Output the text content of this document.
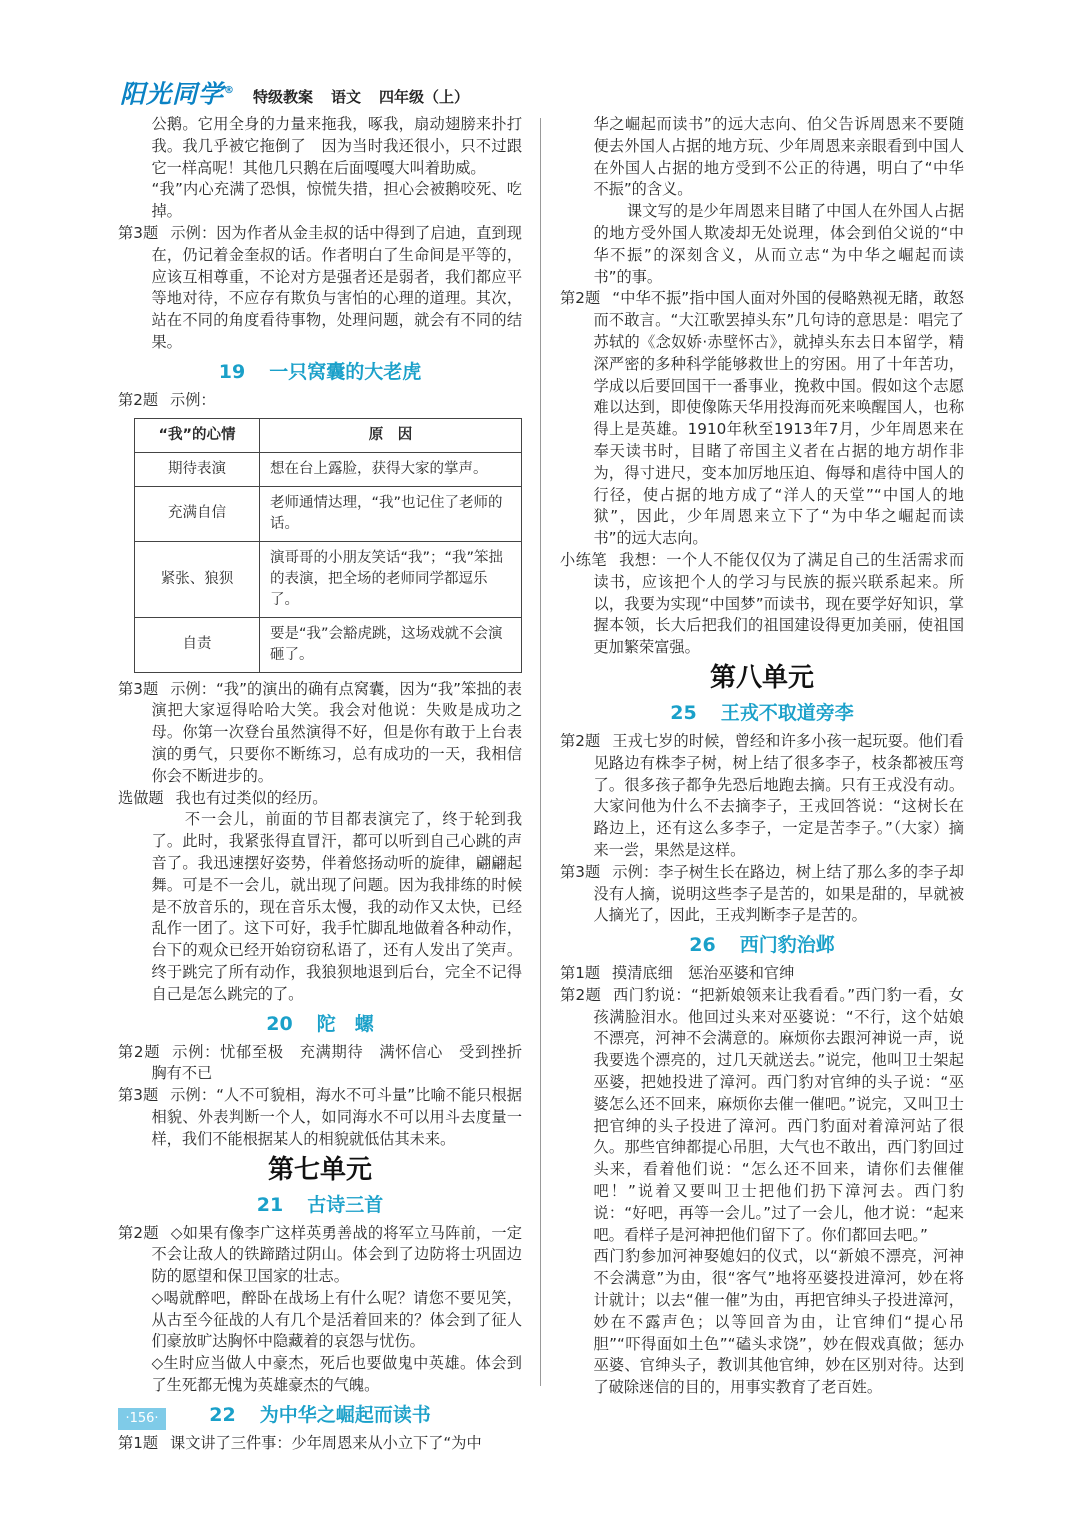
阳光同学® 特级教案 语文 四年级（上）

公鹅。它用全身的力量来拖我，啄我，扇动翅膀来扑打我。我几乎被它拖倒了　因为当时我还很小，只不过跟它一样高呢！其他几只鹅在后面嘎嘎大叫着助威。

“我”内心充满了恐惧，惊慌失措，担心会被鹅咬死、吃掉。

第3题 示例：因为作者从金圭叔的话中得到了启迪，直到现在，仍记着金奎叔的话。作者明白了生命间是平等的，应该互相尊重，不论对方是强者还是弱者，我们都应平等地对待，不应存有欺负与害怕的心理的道理。其次，站在不同的角度看待事物，处理问题，就会有不同的结果。

19 一只窝囊的大老虎

第2题 示例：

“我”的心情	原　因
期待表演	想在台上露脸，获得大家的掌声。
充满自信	老师通情达理，“我”也记住了老师的话。
紧张、狼狈	演哥哥的小朋友笑话“我”；“我”笨拙的表演，把全场的老师同学都逗乐了。
自责	要是“我”会豁虎跳，这场戏就不会演砸了。

第3题 示例：“我”的演出的确有点窝囊，因为“我”笨拙的表演把大家逗得哈哈大笑。我会对他说：失败是成功之母。你第一次登台虽然演得不好，但是你有敢于上台表演的勇气，只要你不断练习，总有成功的一天，我相信你会不断进步的。

选做题 我也有过类似的经历。

不一会儿，前面的节目都表演完了，终于轮到我了。此时，我紧张得直冒汗，都可以听到自己心跳的声音了。我迅速摆好姿势，伴着悠扬动听的旋律，翩翩起舞。可是不一会儿，就出现了问题。因为我排练的时候是不放音乐的，现在音乐太慢，我的动作又太快，已经乱作一团了。这下可好，我手忙脚乱地做着各种动作，台下的观众已经开始窃窃私语了，还有人发出了笑声。终于跳完了所有动作，我狼狈地退到后台，完全不记得自己是怎么跳完的了。

20 陀　螺

第2题 示例：忧郁至极　充满期待　满怀信心　受到挫折　胸有不已

第3题 示例：“人不可貌相，海水不可斗量”比喻不能只根据相貌、外表判断一个人，如同海水不可以用斗去度量一样，我们不能根据某人的相貌就低估其未来。

第七单元
21 古诗三首

第2题 ◇如果有像李广这样英勇善战的将军立马阵前，一定不会让敌人的铁蹄踏过阴山。体会到了边防将士巩固边防的愿望和保卫国家的壮志。

◇喝就醉吧，醉卧在战场上有什么呢？请您不要见笑，从古至今征战的人有几个是活着回来的？体会到了征人们豪放旷达胸怀中隐藏着的哀怨与忧伤。

◇生时应当做人中豪杰，死后也要做鬼中英雄。体会到了生死都无愧为英雄豪杰的气魄。

22 为中华之崛起而读书

第1题 课文讲了三件事：少年周恩来从小立下了“为中

华之崛起而读书”的远大志向、伯父告诉周恩来不要随便去外国人占据的地方玩、少年周恩来亲眼看到中国人在外国人占据的地方受到不公正的待遇，明白了“中华不振”的含义。

课文写的是少年周恩来目睹了中国人在外国人占据的地方受外国人欺凌却无处说理，体会到伯父说的“中华不振”的深刻含义，从而立志“为中华之崛起而读书”的事。

第2题 “中华不振”指中国人面对外国的侵略熟视无睹，敢怒而不敢言。“大江歌罢掉头东”几句诗的意思是：唱完了苏轼的《念奴娇·赤壁怀古》，就掉头东去日本留学，精深严密的多种科学能够救世上的穷困。用了十年苦功，学成以后要回国干一番事业，挽救中国。假如这个志愿难以达到，即使像陈天华用投海而死来唤醒国人，也称得上是英雄。1910年秋至1913年7月，少年周恩来在奉天读书时，目睹了帝国主义者在占据的地方胡作非为，得寸进尺，变本加厉地压迫、侮辱和虐待中国人的行径，使占据的地方成了“洋人的天堂”“中国人的地狱”，因此，少年周恩来立下了“为中华之崛起而读书”的远大志向。

小练笔 我想：一个人不能仅仅为了满足自己的生活需求而读书，应该把个人的学习与民族的振兴联系起来。所以，我要为实现“中国梦”而读书，现在要学好知识，掌握本领，长大后把我们的祖国建设得更加美丽，使祖国更加繁荣富强。

第八单元
25 王戎不取道旁李

第2题 王戎七岁的时候，曾经和许多小孩一起玩耍。他们看见路边有株李子树，树上结了很多李子，枝条都被压弯了。很多孩子都争先恐后地跑去摘。只有王戎没有动。大家问他为什么不去摘李子，王戎回答说：“这树长在路边上，还有这么多李子，一定是苦李子。”（大家）摘来一尝，果然是这样。

第3题 示例：李子树生长在路边，树上结了那么多的李子却没有人摘，说明这些李子是苦的，如果是甜的，早就被人摘光了，因此，王戎判断李子是苦的。

26 西门豹治邺

第1题 摸清底细　惩治巫婆和官绅

第2题 西门豹说：“把新娘领来让我看看。”西门豹一看，女孩满脸泪水。他回过头来对巫婆说：“不行，这个姑娘不漂亮，河神不会满意的。麻烦你去跟河神说一声，说我要选个漂亮的，过几天就送去。”说完，他叫卫士架起巫婆，把她投进了漳河。西门豹对官绅的头子说：“巫婆怎么还不回来，麻烦你去催一催吧。”说完，又叫卫士把官绅的头子投进了漳河。西门豹面对着漳河站了很久。那些官绅都提心吊胆，大气也不敢出，西门豹回过头来，看着他们说：“怎么还不回来，请你们去催催吧！”说着又要叫卫士把他们扔下漳河去。西门豹说：“好吧，再等一会儿。”过了一会儿，他才说：“起来吧。看样子是河神把他们留下了。你们都回去吧。”

西门豹参加河神娶媳妇的仪式，以“新娘不漂亮，河神不会满意”为由，很“客气”地将巫婆投进漳河，妙在将计就计；以去“催一催”为由，再把官绅头子投进漳河，妙在不露声色；以等回音为由，让官绅们“提心吊胆”“吓得面如土色”“磕头求饶”，妙在假戏真做；惩办巫婆、官绅头子，教训其他官绅，妙在区别对待。达到了破除迷信的目的，用事实教育了老百姓。

·156·
